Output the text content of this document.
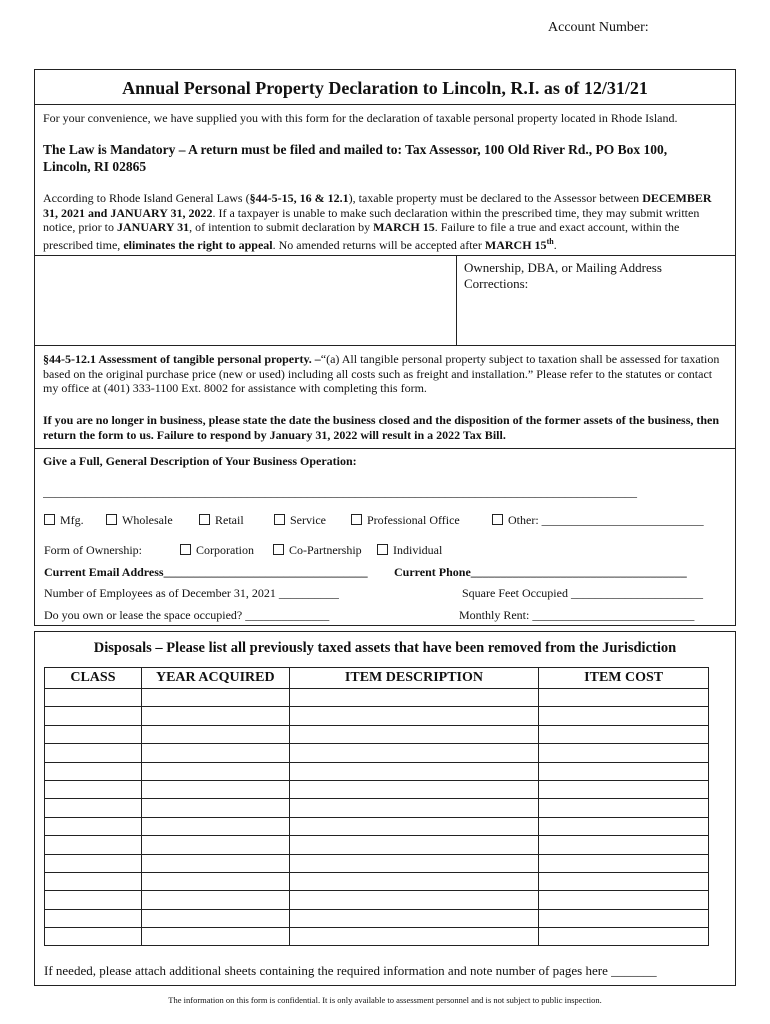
Account Number:
Annual Personal Property Declaration to Lincoln, R.I. as of 12/31/21
For your convenience, we have supplied you with this form for the declaration of taxable personal property located in Rhode Island.
The Law is Mandatory – A return must be filed and mailed to: Tax Assessor, 100 Old River Rd., PO Box 100,
Lincoln, RI 02865
According to Rhode Island General Laws (§44-5-15, 16 & 12.1), taxable property must be declared to the Assessor between DECEMBER 31, 2021 and JANUARY 31, 2022. If a taxpayer is unable to make such declaration within the prescribed time, they may submit written notice, prior to JANUARY 31, of intention to submit declaration by MARCH 15. Failure to file a true and exact account, within the prescribed time, eliminates the right to appeal. No amended returns will be accepted after MARCH 15th.
Ownership, DBA, or Mailing Address
Corrections:
§44-5-12.1 Assessment of tangible personal property. –“(a) All tangible personal property subject to taxation shall be assessed for taxation based on the original purchase price (new or used) including all costs such as freight and installation.” Please refer to the statutes or contact my office at (401) 333-1100 Ext. 8002 for assistance with completing this form.
If you are no longer in business, please state the date the business closed and the disposition of the former assets of the business, then return the form to us. Failure to respond by January 31, 2022 will result in a 2022 Tax Bill.
Give a Full, General Description of Your Business Operation:
___________________________________________________________________________________________________
Mfg.	Wholesale	Retail	Service	Professional Office	Other: ___________________________
Form of Ownership:	Corporation	Co-Partnership	Individual
Current Email Address__________________________________ Current Phone____________________________________
Number of Employees as of December 31, 2021 __________	Square Feet Occupied ______________________
Do you own or lease the space occupied? ______________	Monthly Rent: ___________________________
Disposals – Please list all previously taxed assets that have been removed from the Jurisdiction
CLASS	YEAR ACQUIRED	ITEM DESCRIPTION	ITEM COST

If needed, please attach additional sheets containing the required information and note number of pages here _______
The information on this form is confidential. It is only available to assessment personnel and is not subject to public inspection.
